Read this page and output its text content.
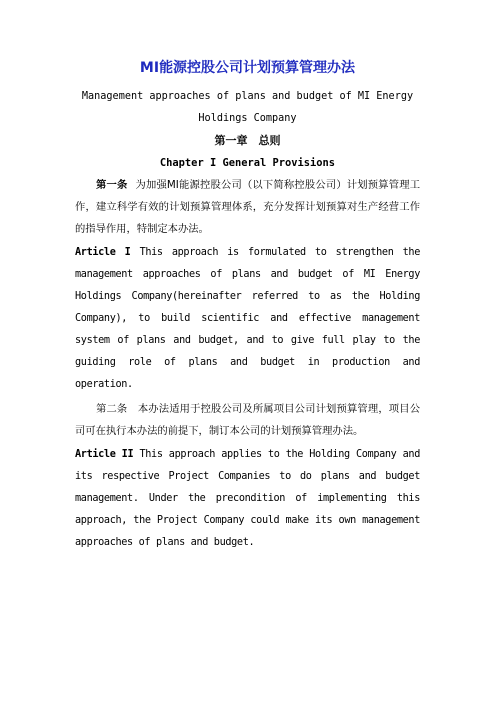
MI能源控股公司计划预算管理办法

Management approaches of plans and budget of MI Energy Holdings Company

第一章　总则

Chapter I General Provisions

第一条 为加强MI能源控股公司（以下简称控股公司）计划预算管理工作，建立科学有效的计划预算管理体系，充分发挥计划预算对生产经营工作的指导作用，特制定本办法。

Article I This approach is formulated to strengthen the management approaches of plans and budget of MI Energy Holdings Company(hereinafter referred to as the Holding Company), to build scientific and effective management system of plans and budget, and to give full play to the guiding role of plans and budget in production and operation.

第二条　本办法适用于控股公司及所属项目公司计划预算管理，项目公司可在执行本办法的前提下，制订本公司的计划预算管理办法。

Article II This approach applies to the Holding Company and its respective Project Companies to do plans and budget management. Under the precondition of implementing this approach, the Project Company could make its own management approaches of plans and budget.
